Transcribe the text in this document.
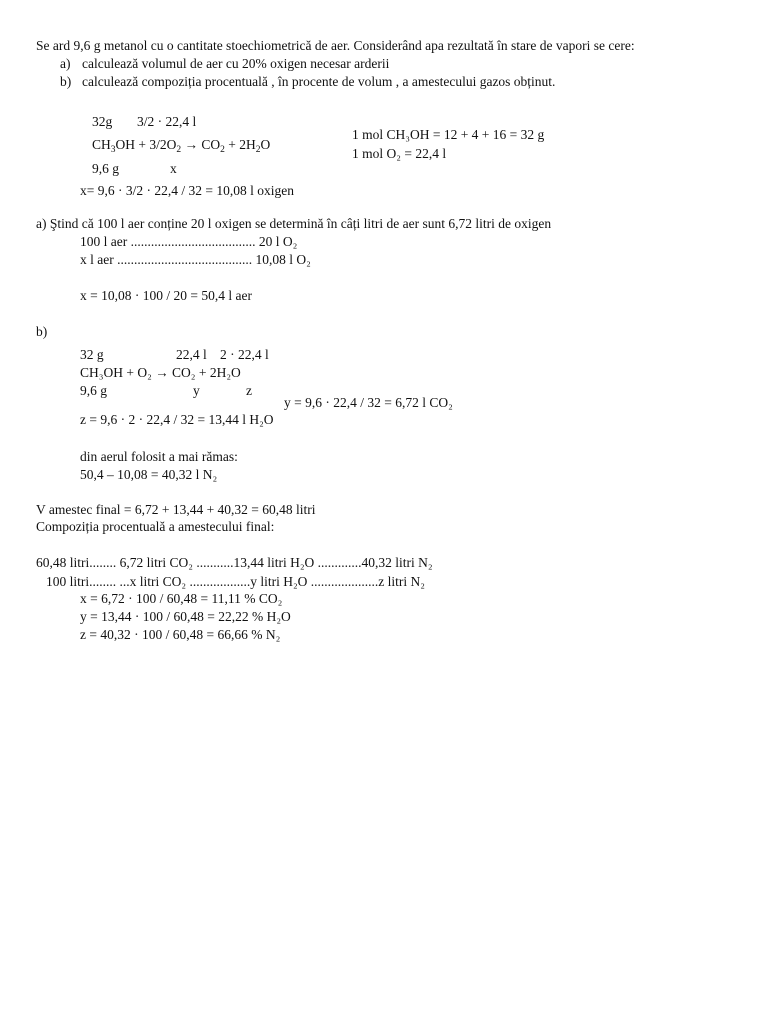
Se ard 9,6 g metanol cu o cantitate stoechiometrică de aer. Considerând apa rezultată în stare de vapori se cere:
a) calculează volumul de aer cu 20% oxigen necesar arderii
b) calculează compoziția procentuală , în procente de volum , a amestecului gazos obținut.
32g 3/2 · 22,4 l
$CH_3OH + 3/2O_2 \to CO_2 + 2H_2O$
9,6 g	x
x= 9,6 · 3/2 · 22,4 / 32 = 10,08 l oxigen
1 mol CH₃OH = 12 + 4 + 16 = 32 g
1 mol O₂ = 22,4 l
a) Ştind că 100 l aer conține 20 l oxigen se determină în câți litri de aer sunt 6,72 litri de oxigen
100 l aer ..................................... 20 l O₂
x l aer ........................................ 10,08 l O₂
x = 10,08 · 100 / 20 = 50,4 l aer
b)
32 g	22,4 l 2 · 22,4 l
CH₃OH + O₂ → CO₂ + 2H₂O
9,6 g	y	z
y = 9,6 · 22,4 / 32 = 6,72 l CO₂
z = 9,6 · 2 · 22,4 / 32 = 13,44 l H₂O
din aerul folosit a mai rămas:
50,4 – 10,08 = 40,32 l N₂
V amestec final = 6,72 + 13,44 + 40,32 = 60,48 litri
Compoziția procentuală a amestecului final:
60,48 litri........ 6,72 litri CO₂ ...........13,44 litri H₂O .............40,32 litri N₂
100 litri........ ...x litri CO₂ ..................y litri H₂O ....................z litri N₂
x = 6,72 · 100 / 60,48 = 11,11 % CO₂
y = 13,44 · 100 / 60,48 = 22,22 % H₂O
z = 40,32 · 100 / 60,48 = 66,66 % N₂
